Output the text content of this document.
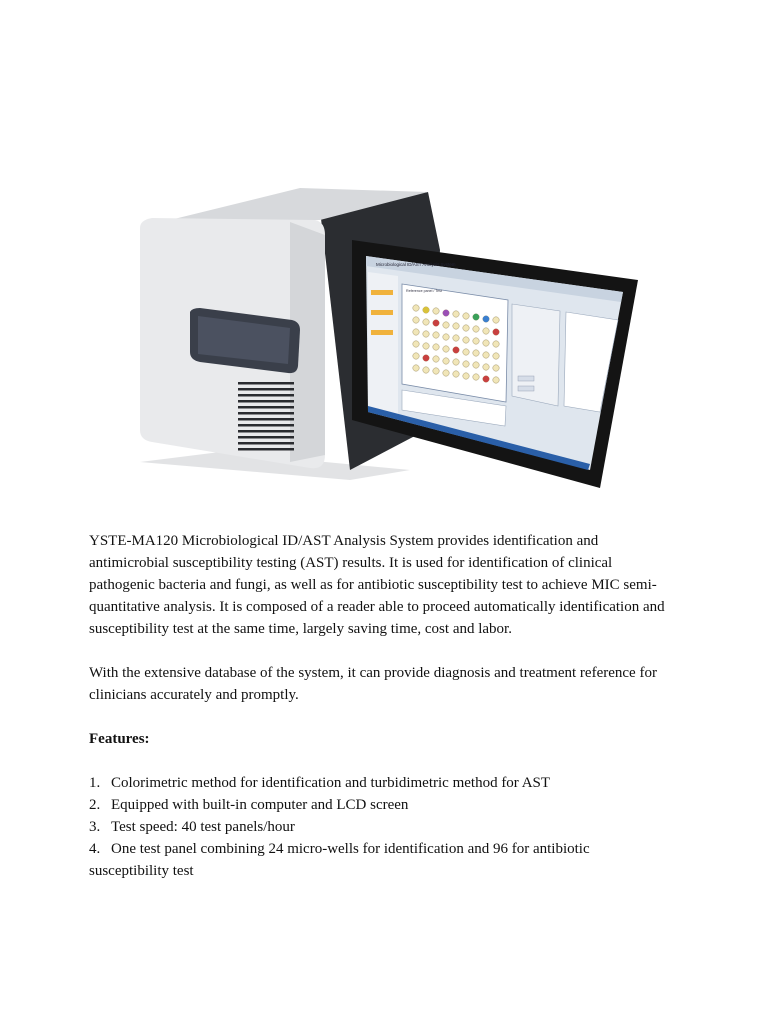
Microbiological ID/AST Analysis System
Reference panel / Test

YSTE-MA120 Microbiological ID/AST Analysis System provides identification and antimicrobial susceptibility testing (AST) results. It is used for identification of clinical pathogenic bacteria and fungi, as well as for antibiotic susceptibility test to achieve MIC semi-quantitative analysis. It is composed of a reader able to proceed automatically identification and susceptibility test at the same time, largely saving time, cost and labor.

With the extensive database of the system, it can provide diagnosis and treatment reference for clinicians accurately and promptly.

Features:

1. Colorimetric method for identification and turbidimetric method for AST
2. Equipped with built-in computer and LCD screen
3. Test speed: 40 test panels/hour
4. One test panel combining 24 micro-wells for identification and 96 for antibiotic susceptibility test
